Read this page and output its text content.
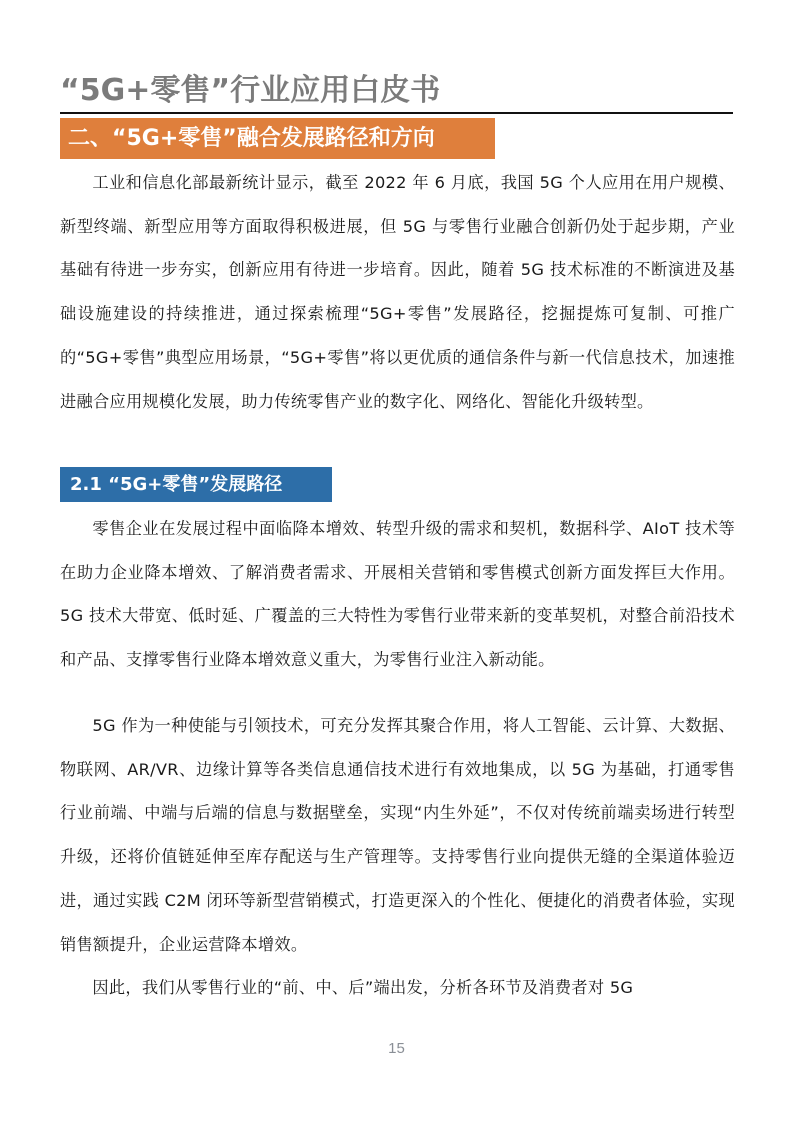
“5G+零售”行业应用白皮书
二、“5G+零售”融合发展路径和方向

工业和信息化部最新统计显示，截至 2022 年 6 月底，我国 5G 个人应用在用户规模、新型终端、新型应用等方面取得积极进展，但 5G 与零售行业融合创新仍处于起步期，产业基础有待进一步夯实，创新应用有待进一步培育。因此，随着 5G 技术标准的不断演进及基础设施建设的持续推进，通过探索梳理“5G+零售”发展路径，挖掘提炼可复制、可推广的“5G+零售”典型应用场景，“5G+零售”将以更优质的通信条件与新一代信息技术，加速推进融合应用规模化发展，助力传统零售产业的数字化、网络化、智能化升级转型。

2.1 “5G+零售”发展路径

零售企业在发展过程中面临降本增效、转型升级的需求和契机，数据科学、AIoT 技术等在助力企业降本增效、了解消费者需求、开展相关营销和零售模式创新方面发挥巨大作用。5G 技术大带宽、低时延、广覆盖的三大特性为零售行业带来新的变革契机，对整合前沿技术和产品、支撑零售行业降本增效意义重大，为零售行业注入新动能。

5G 作为一种使能与引领技术，可充分发挥其聚合作用，将人工智能、云计算、大数据、物联网、AR/VR、边缘计算等各类信息通信技术进行有效地集成，以 5G 为基础，打通零售行业前端、中端与后端的信息与数据壁垒，实现“内生外延”，不仅对传统前端卖场进行转型升级，还将价值链延伸至库存配送与生产管理等。支持零售行业向提供无缝的全渠道体验迈进，通过实践 C2M 闭环等新型营销模式，打造更深入的个性化、便捷化的消费者体验，实现销售额提升，企业运营降本增效。

因此，我们从零售行业的“前、中、后”端出发，分析各环节及消费者对 5G

15
